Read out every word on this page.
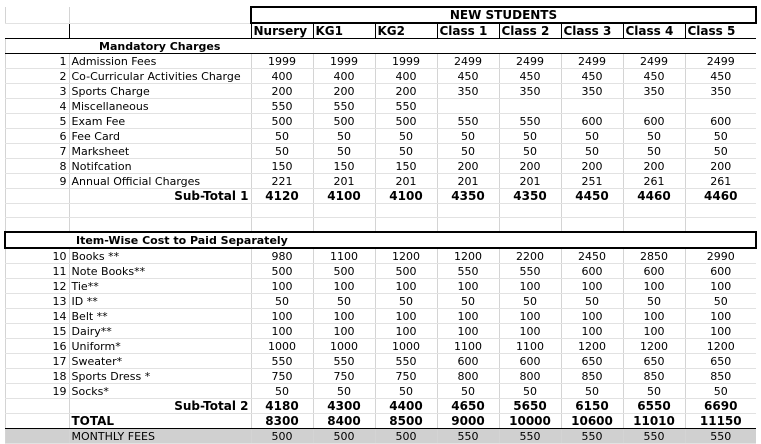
		NEW STUDENTS							
		Nursery	KG1	KG2	Class 1	Class 2	Class 3	Class 4	Class 5
	Mandatory Charges								
1	Admission Fees	1999	1999	1999	2499	2499	2499	2499	2499
2	Co-Curricular Activities Charge	400	400	400	450	450	450	450	450
3	Sports Charge	200	200	200	350	350	350	350	350
4	Miscellaneous	550	550	550					
5	Exam Fee	500	500	500	550	550	600	600	600
6	Fee Card	50	50	50	50	50	50	50	50
7	Marksheet	50	50	50	50	50	50	50	50
8	Notifcation	150	150	150	200	200	200	200	200
9	Annual Official Charges	221	201	201	201	201	251	261	261
	Sub-Total 1	4120	4100	4100	4350	4350	4450	4460	4460

Item-Wise Cost to Paid Separately									
10	Books **	980	1100	1200	1200	2200	2450	2850	2990
11	Note Books**	500	500	500	550	550	600	600	600
12	Tie**	100	100	100	100	100	100	100	100
13	ID **	50	50	50	50	50	50	50	50
14	Belt **	100	100	100	100	100	100	100	100
15	Dairy**	100	100	100	100	100	100	100	100
16	Uniform*	1000	1000	1000	1100	1100	1200	1200	1200
17	Sweater*	550	550	550	600	600	650	650	650
18	Sports Dress *	750	750	750	800	800	850	850	850
19	Socks*	50	50	50	50	50	50	50	50
	Sub-Total 2	4180	4300	4400	4650	5650	6150	6550	6690
	TOTAL	8300	8400	8500	9000	10000	10600	11010	11150
	MONTHLY FEES	500	500	500	550	550	550	550	550
